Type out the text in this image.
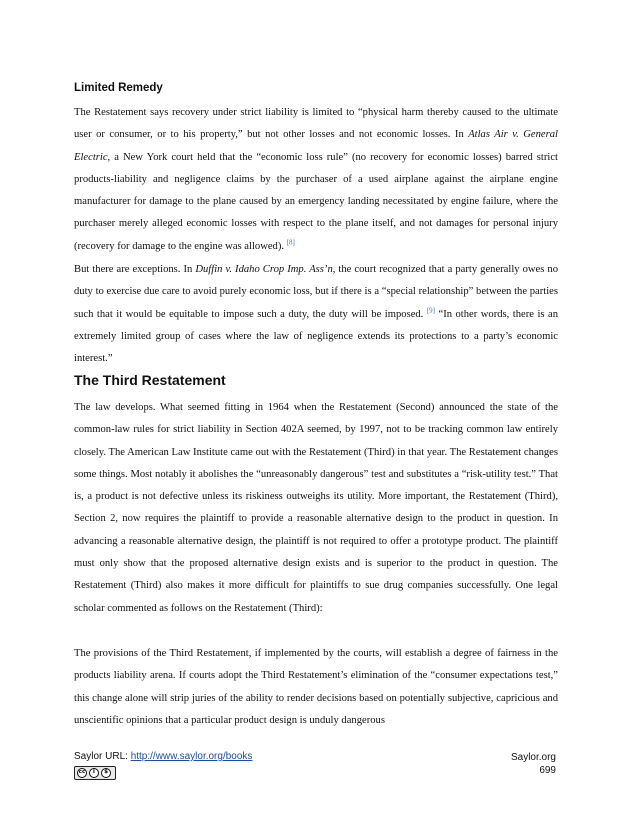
Limited Remedy
The Restatement says recovery under strict liability is limited to “physical harm thereby caused to the ultimate user or consumer, or to his property,” but not other losses and not economic losses. In Atlas Air v. General Electric, a New York court held that the “economic loss rule” (no recovery for economic losses) barred strict products-liability and negligence claims by the purchaser of a used airplane against the airplane engine manufacturer for damage to the plane caused by an emergency landing necessitated by engine failure, where the purchaser merely alleged economic losses with respect to the plane itself, and not damages for personal injury (recovery for damage to the engine was allowed). [8]
But there are exceptions. In Duffin v. Idaho Crop Imp. Ass’n, the court recognized that a party generally owes no duty to exercise due care to avoid purely economic loss, but if there is a “special relationship” between the parties such that it would be equitable to impose such a duty, the duty will be imposed. [9] “In other words, there is an extremely limited group of cases where the law of negligence extends its protections to a party’s economic interest.”
The Third Restatement
The law develops. What seemed fitting in 1964 when the Restatement (Second) announced the state of the common-law rules for strict liability in Section 402A seemed, by 1997, not to be tracking common law entirely closely. The American Law Institute came out with the Restatement (Third) in that year. The Restatement changes some things. Most notably it abolishes the “unreasonably dangerous” test and substitutes a “risk-utility test.” That is, a product is not defective unless its riskiness outweighs its utility. More important, the Restatement (Third), Section 2, now requires the plaintiff to provide a reasonable alternative design to the product in question. In advancing a reasonable alternative design, the plaintiff is not required to offer a prototype product. The plaintiff must only show that the proposed alternative design exists and is superior to the product in question. The Restatement (Third) also makes it more difficult for plaintiffs to sue drug companies successfully. One legal scholar commented as follows on the Restatement (Third):
The provisions of the Third Restatement, if implemented by the courts, will establish a degree of fairness in the products liability arena. If courts adopt the Third Restatement’s elimination of the “consumer expectations test,” this change alone will strip juries of the ability to render decisions based on potentially subjective, capricious and unscientific opinions that a particular product design is unduly dangerous
Saylor URL: http://www.saylor.org/books	Saylor.org
699
cc	i	$
